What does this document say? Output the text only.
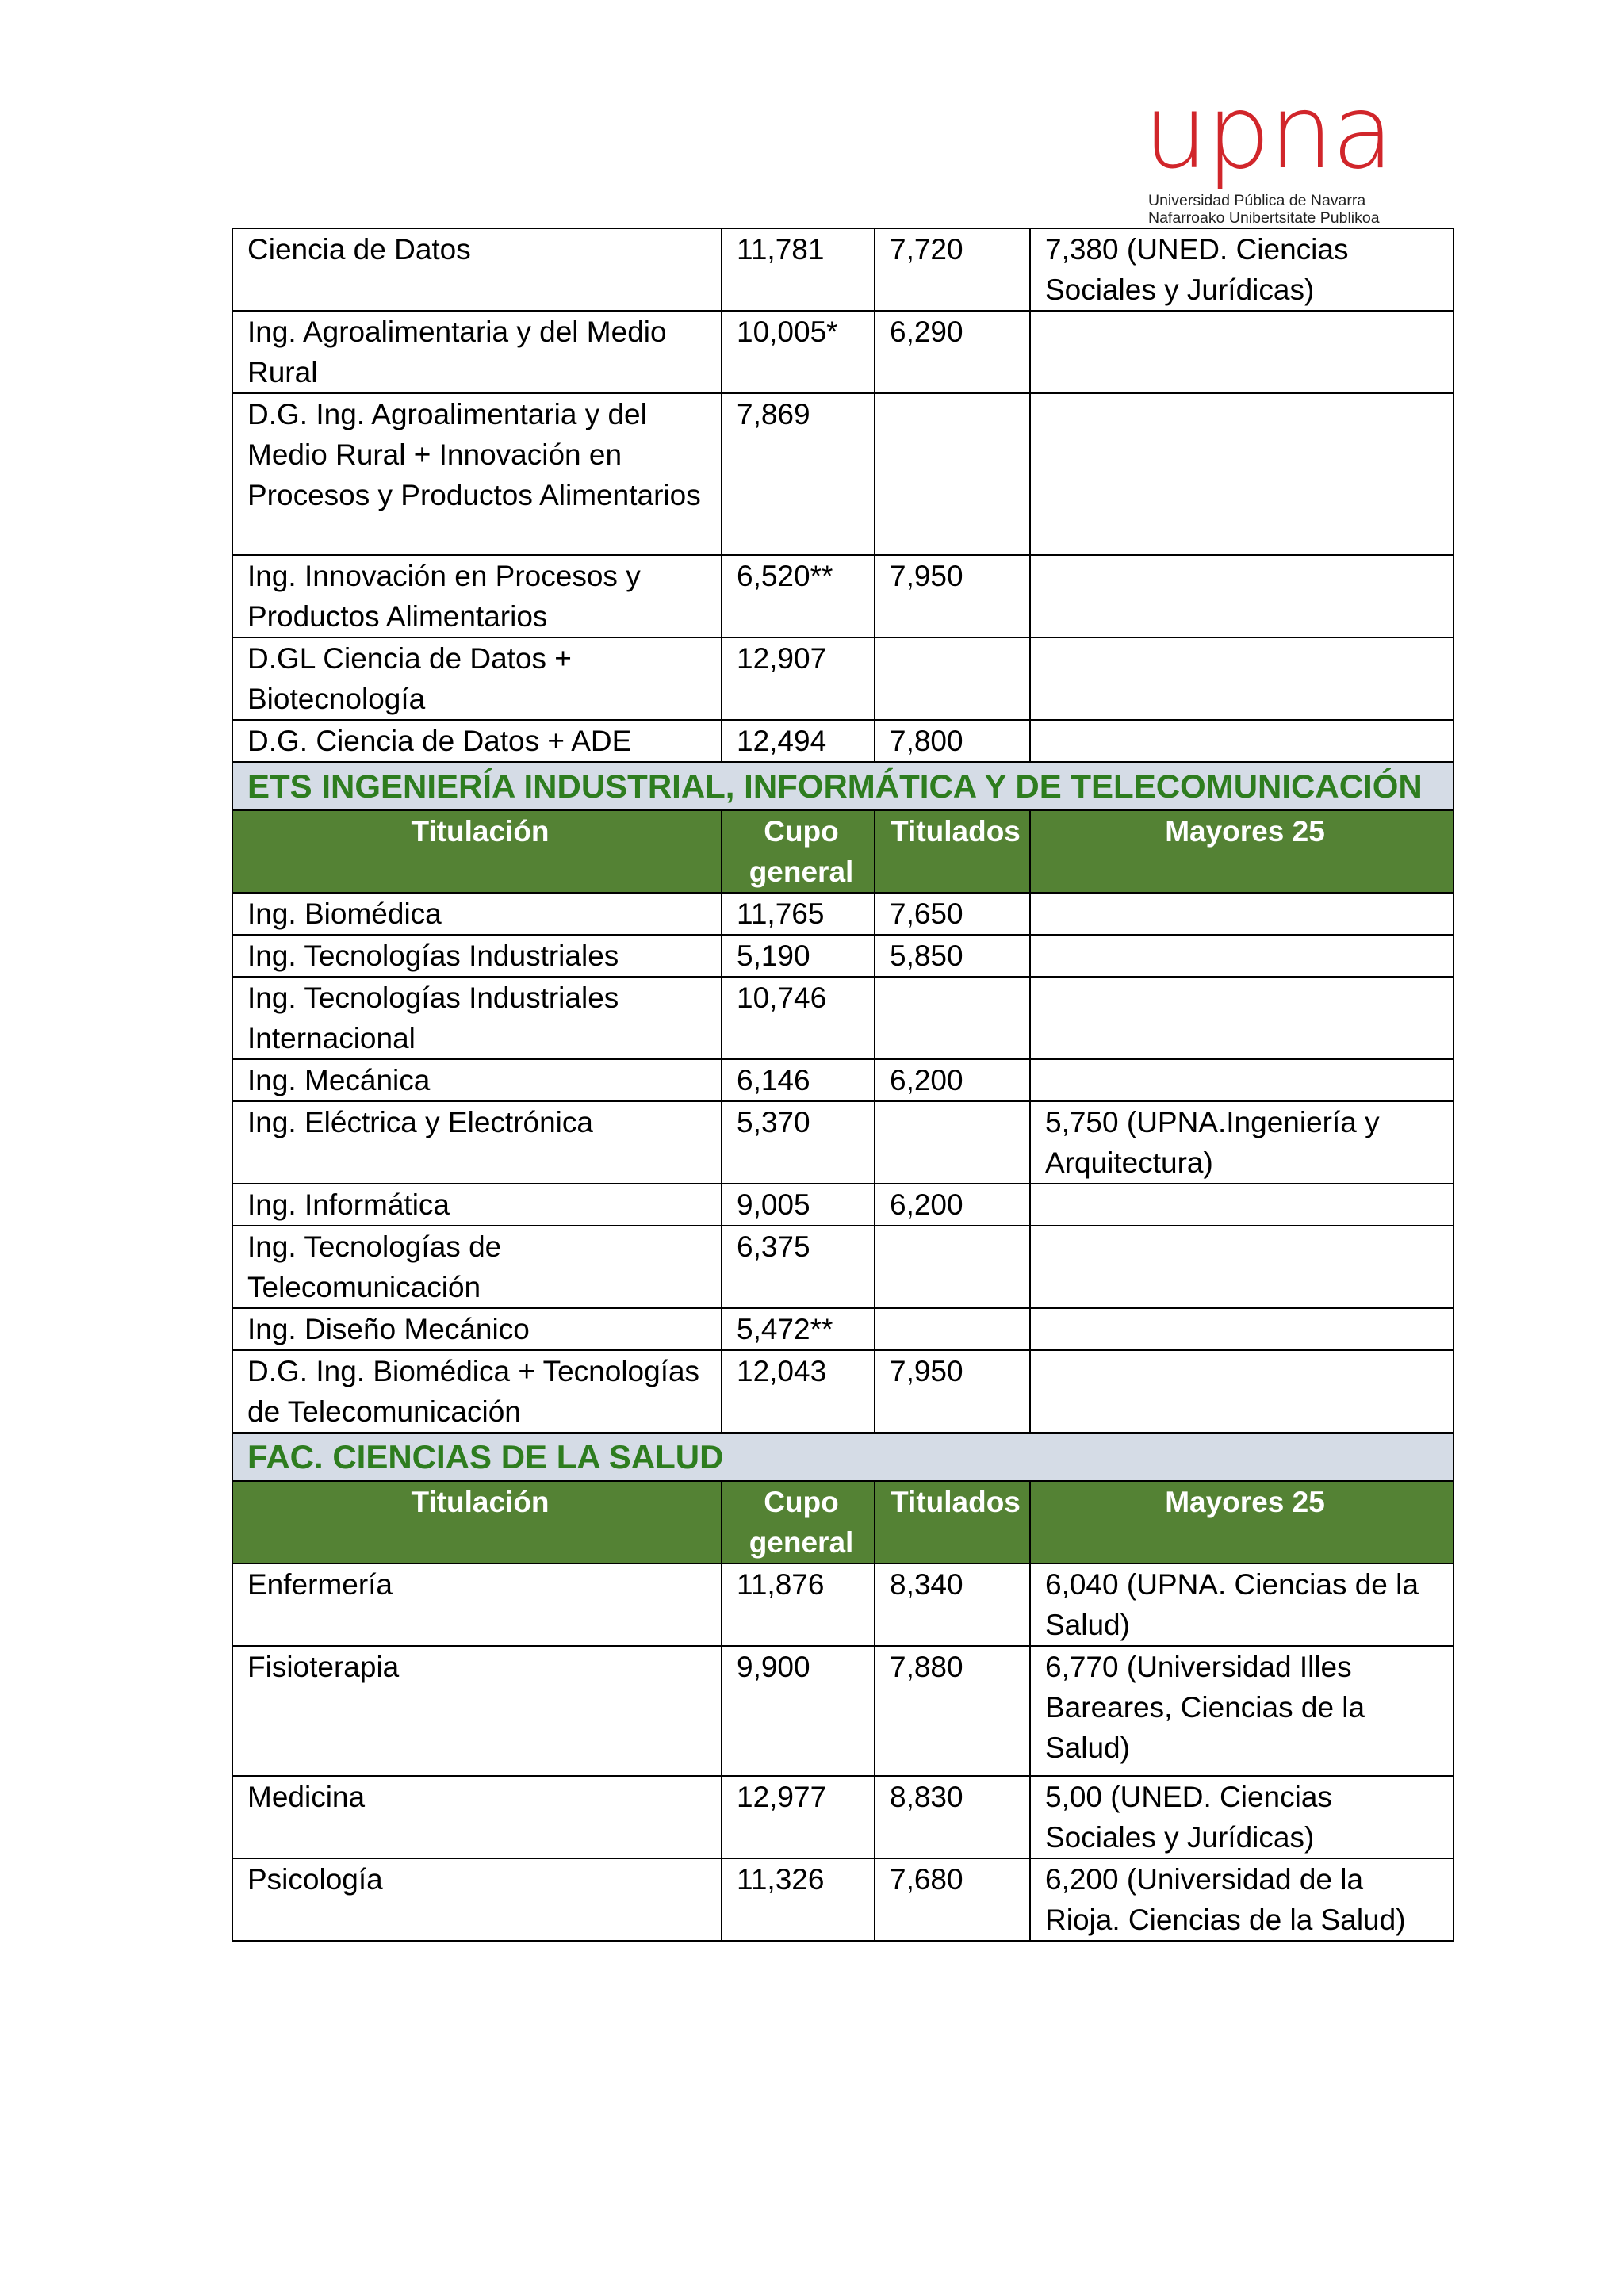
upna
Universidad Pública de Navarra
Nafarroako Unibertsitate Publikoa
Ciencia de Datos	11,781	7,720	7,380 (UNED. Ciencias Sociales y Jurídicas)
Ing. Agroalimentaria y del Medio Rural	10,005*	6,290	
D.G. Ing. Agroalimentaria y del Medio Rural + Innovación en Procesos y Productos Alimentarios	7,869		
Ing. Innovación en Procesos y Productos Alimentarios	6,520**	7,950	
D.GL Ciencia de Datos + Biotecnología	12,907		
D.G. Ciencia de Datos + ADE	12,494	7,800	
ETS INGENIERÍA INDUSTRIAL, INFORMÁTICA Y DE TELECOMUNICACIÓN			
Titulación	Cupo general	Titulados	Mayores 25
Ing. Biomédica	11,765	7,650	
Ing. Tecnologías Industriales	5,190	5,850	
Ing. Tecnologías Industriales Internacional	10,746		
Ing. Mecánica	6,146	6,200	
Ing. Eléctrica y Electrónica	5,370		5,750 (UPNA.Ingeniería y Arquitectura)
Ing. Informática	9,005	6,200	
Ing. Tecnologías de Telecomunicación	6,375		
Ing. Diseño Mecánico	5,472**		
D.G. Ing. Biomédica + Tecnologías de Telecomunicación	12,043	7,950	
FAC. CIENCIAS DE LA SALUD			
Titulación	Cupo general	Titulados	Mayores 25
Enfermería	11,876	8,340	6,040 (UPNA. Ciencias de la Salud)
Fisioterapia	9,900	7,880	6,770 (Universidad Illes Bareares, Ciencias de la Salud)
Medicina	12,977	8,830	5,00 (UNED. Ciencias Sociales y Jurídicas)
Psicología	11,326	7,680	6,200 (Universidad de la Rioja. Ciencias de la Salud)
